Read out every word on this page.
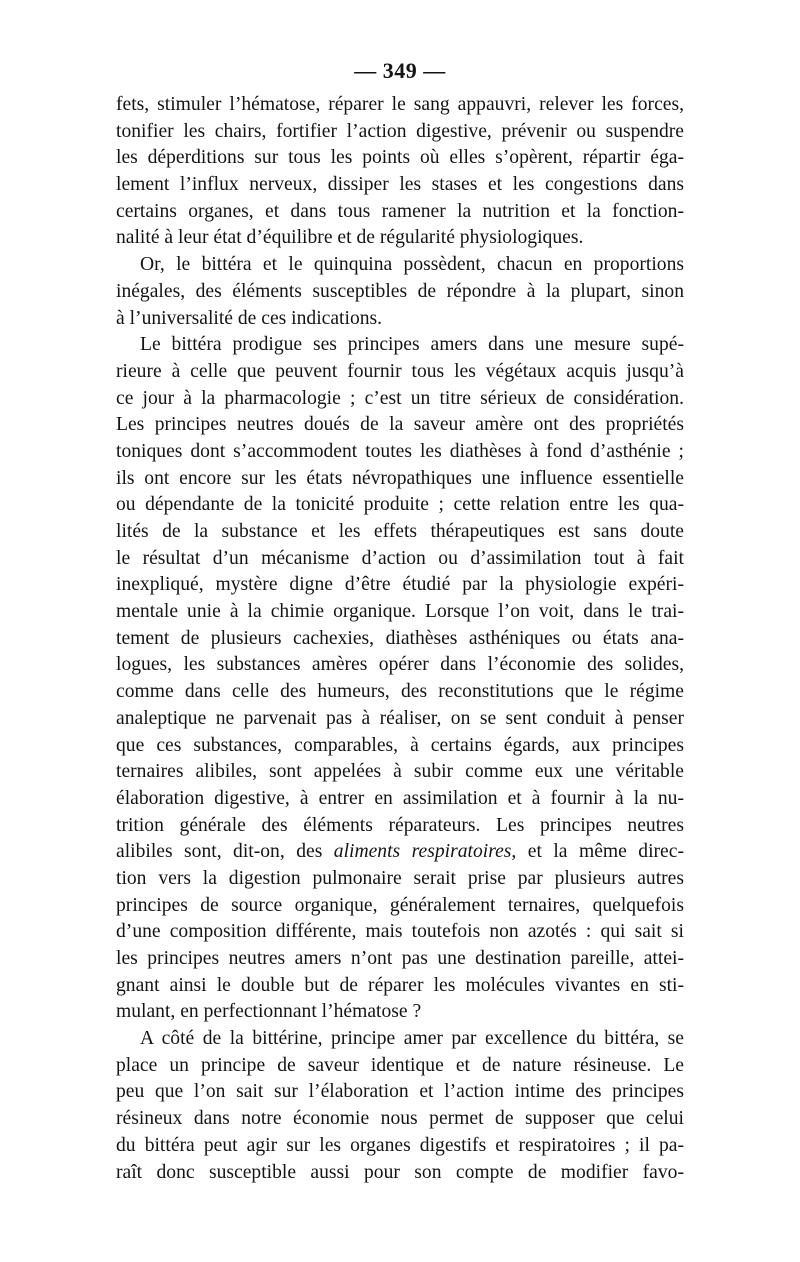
— 349 —
fets, stimuler l’hématose, réparer le sang appauvri, relever les forces,
tonifier les chairs, fortifier l’action digestive, prévenir ou suspendre
les déperditions sur tous les points où elles s’opèrent, répartir éga-
lement l’influx nerveux, dissiper les stases et les congestions dans
certains organes, et dans tous ramener la nutrition et la fonction-
nalité à leur état d’équilibre et de régularité physiologiques.
Or, le bittéra et le quinquina possèdent, chacun en proportions
inégales, des éléments susceptibles de répondre à la plupart, sinon
à l’universalité de ces indications.
Le bittéra prodigue ses principes amers dans une mesure supé-
rieure à celle que peuvent fournir tous les végétaux acquis jusqu’à
ce jour à la pharmacologie ; c’est un titre sérieux de considération.
Les principes neutres doués de la saveur amère ont des propriétés
toniques dont s’accommodent toutes les diathèses à fond d’asthénie ;
ils ont encore sur les états névropathiques une influence essentielle
ou dépendante de la tonicité produite ; cette relation entre les qua-
lités de la substance et les effets thérapeutiques est sans doute
le résultat d’un mécanisme d’action ou d’assimilation tout à fait
inexpliqué, mystère digne d’être étudié par la physiologie expéri-
mentale unie à la chimie organique. Lorsque l’on voit, dans le trai-
tement de plusieurs cachexies, diathèses asthéniques ou états ana-
logues, les substances amères opérer dans l’économie des solides,
comme dans celle des humeurs, des reconstitutions que le régime
analeptique ne parvenait pas à réaliser, on se sent conduit à penser
que ces substances, comparables, à certains égards, aux principes
ternaires alibiles, sont appelées à subir comme eux une véritable
élaboration digestive, à entrer en assimilation et à fournir à la nu-
trition générale des éléments réparateurs. Les principes neutres
alibiles sont, dit-on, des aliments respiratoires, et la même direc-
tion vers la digestion pulmonaire serait prise par plusieurs autres
principes de source organique, généralement ternaires, quelquefois
d’une composition différente, mais toutefois non azotés : qui sait si
les principes neutres amers n’ont pas une destination pareille, attei-
gnant ainsi le double but de réparer les molécules vivantes en sti-
mulant, en perfectionnant l’hématose ?
A côté de la bittérine, principe amer par excellence du bittéra, se
place un principe de saveur identique et de nature résineuse. Le
peu que l’on sait sur l’élaboration et l’action intime des principes
résineux dans notre économie nous permet de supposer que celui
du bittéra peut agir sur les organes digestifs et respiratoires ; il pa-
raît donc susceptible aussi pour son compte de modifier favo-
